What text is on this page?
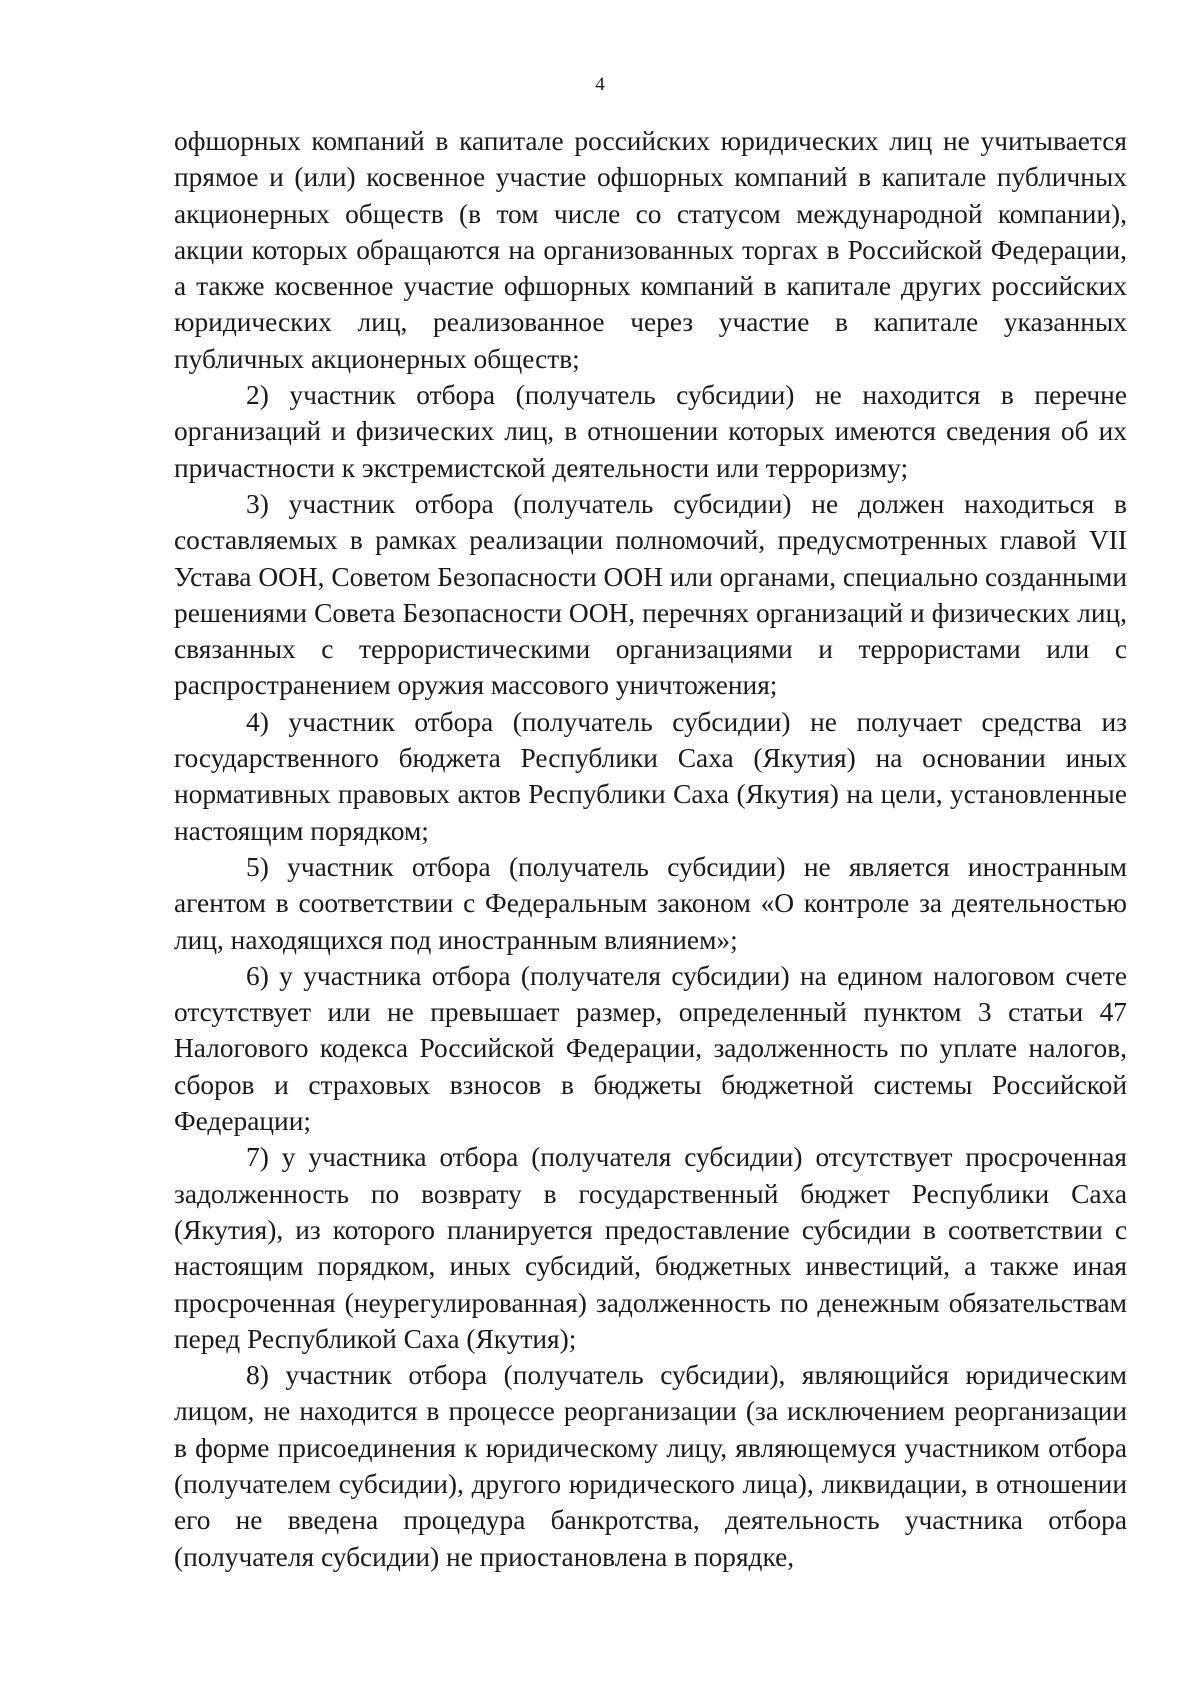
4

офшорных компаний в капитале российских юридических лиц не учитывается прямое и (или) косвенное участие офшорных компаний в капитале публичных акционерных обществ (в том числе со статусом международной компании), акции которых обращаются на организованных торгах в Российской Федерации, а также косвенное участие офшорных компаний в капитале других российских юридических лиц, реализованное через участие в капитале указанных публичных акционерных обществ;

2) участник отбора (получатель субсидии) не находится в перечне организаций и физических лиц, в отношении которых имеются сведения об их причастности к экстремистской деятельности или терроризму;

3) участник отбора (получатель субсидии) не должен находиться в составляемых в рамках реализации полномочий, предусмотренных главой VII Устава ООН, Советом Безопасности ООН или органами, специально созданными решениями Совета Безопасности ООН, перечнях организаций и физических лиц, связанных с террористическими организациями и террористами или с распространением оружия массового уничтожения;

4) участник отбора (получатель субсидии) не получает средства из государственного бюджета Республики Саха (Якутия) на основании иных нормативных правовых актов Республики Саха (Якутия) на цели, установленные настоящим порядком;

5) участник отбора (получатель субсидии) не является иностранным агентом в соответствии с Федеральным законом «О контроле за деятельностью лиц, находящихся под иностранным влиянием»;

6) у участника отбора (получателя субсидии) на едином налоговом счете отсутствует или не превышает размер, определенный пунктом 3 статьи 47 Налогового кодекса Российской Федерации, задолженность по уплате налогов, сборов и страховых взносов в бюджеты бюджетной системы Российской Федерации;

7) у участника отбора (получателя субсидии) отсутствует просроченная задолженность по возврату в государственный бюджет Республики Саха (Якутия), из которого планируется предоставление субсидии в соответствии с настоящим порядком, иных субсидий, бюджетных инвестиций, а также иная просроченная (неурегулированная) задолженность по денежным обязательствам перед Республикой Саха (Якутия);

8) участник отбора (получатель субсидии), являющийся юридическим лицом, не находится в процессе реорганизации (за исключением реорганизации в форме присоединения к юридическому лицу, являющемуся участником отбора (получателем субсидии), другого юридического лица), ликвидации, в отношении его не введена процедура банкротства, деятельность участника отбора (получателя субсидии) не приостановлена в порядке,
